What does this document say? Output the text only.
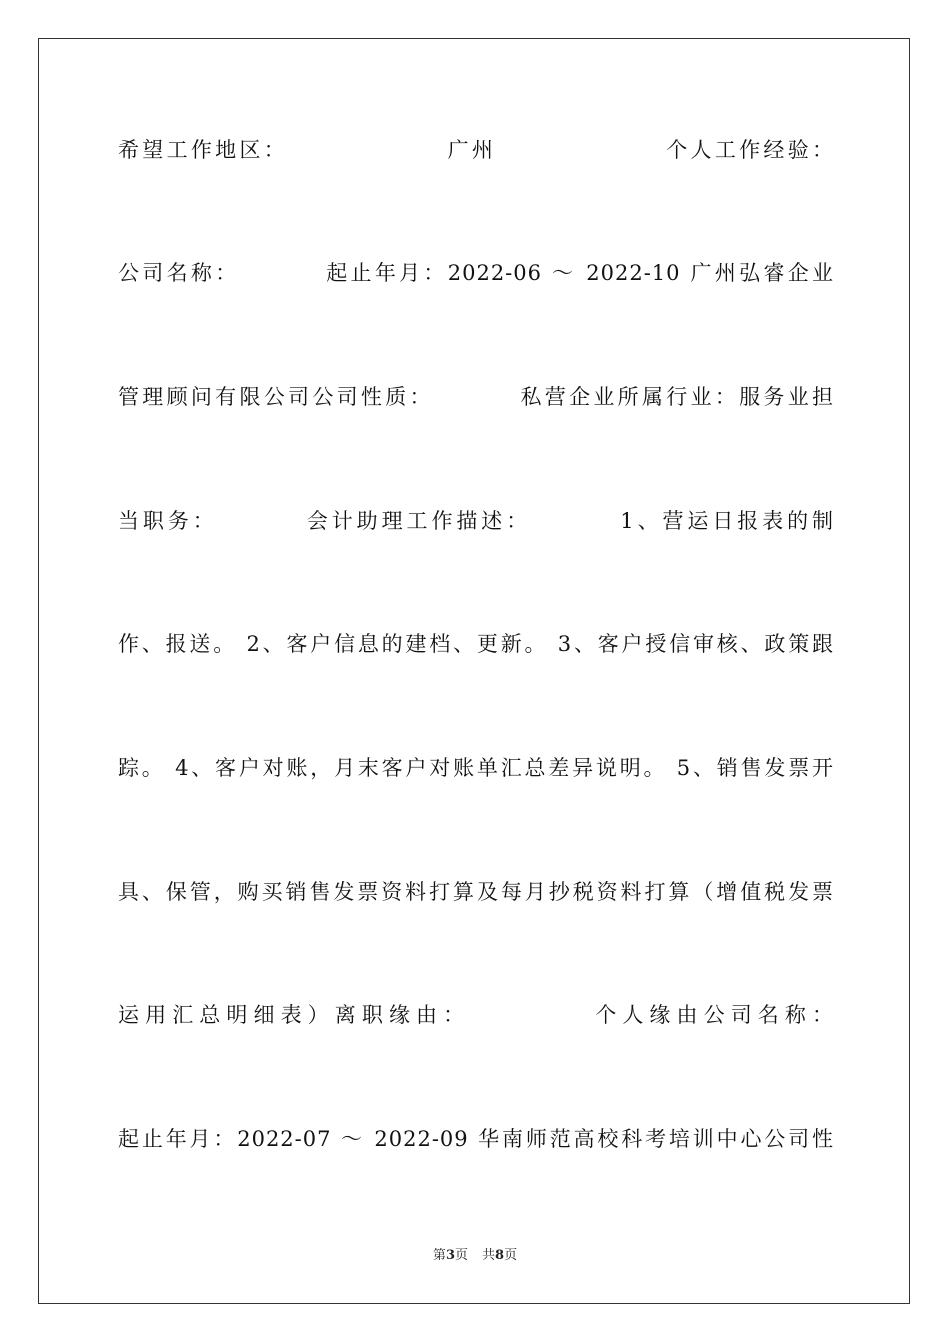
希望工作地区：　　　　　　　广州　　　　　　　个人工作经验：
公司名称：　　　　起止年月：2022-06 ～ 2022-10 广州弘睿企业
管理顾问有限公司公司性质：　　　　私营企业所属行业：服务业担
当职务：　　　　会计助理工作描述：　　　　1、营运日报表的制
作、报送。 2、客户信息的建档、更新。 3、客户授信审核、政策跟
踪。 4、客户对账，月末客户对账单汇总差异说明。 5、销售发票开
具、保管，购买销售发票资料打算及每月抄税资料打算（增值税发票
运用汇总明细表）离职缘由：　　　　　个人缘由公司名称：
起止年月：2022-07 ～ 2022-09 华南师范高校科考培训中心公司性
第3页 共8页
